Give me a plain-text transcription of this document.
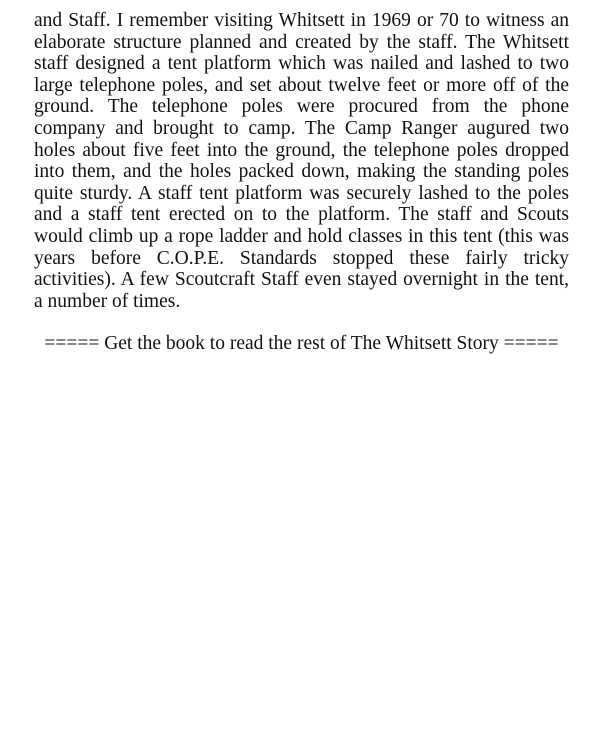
and Staff. I remember visiting Whitsett in 1969 or 70 to witness an elaborate structure planned and created by the staff. The Whitsett staff designed a tent platform which was nailed and lashed to two large telephone poles, and set about twelve feet or more off of the ground. The telephone poles were procured from the phone company and brought to camp. The Camp Ranger augured two holes about five feet into the ground, the telephone poles dropped into them, and the holes packed down, making the standing poles quite sturdy. A staff tent platform was securely lashed to the poles and a staff tent erected on to the platform. The staff and Scouts would climb up a rope ladder and hold classes in this tent (this was years before C.O.P.E. Standards stopped these fairly tricky activities). A few Scoutcraft Staff even stayed overnight in the tent, a number of times.

===== Get the book to read the rest of The Whitsett Story =====
